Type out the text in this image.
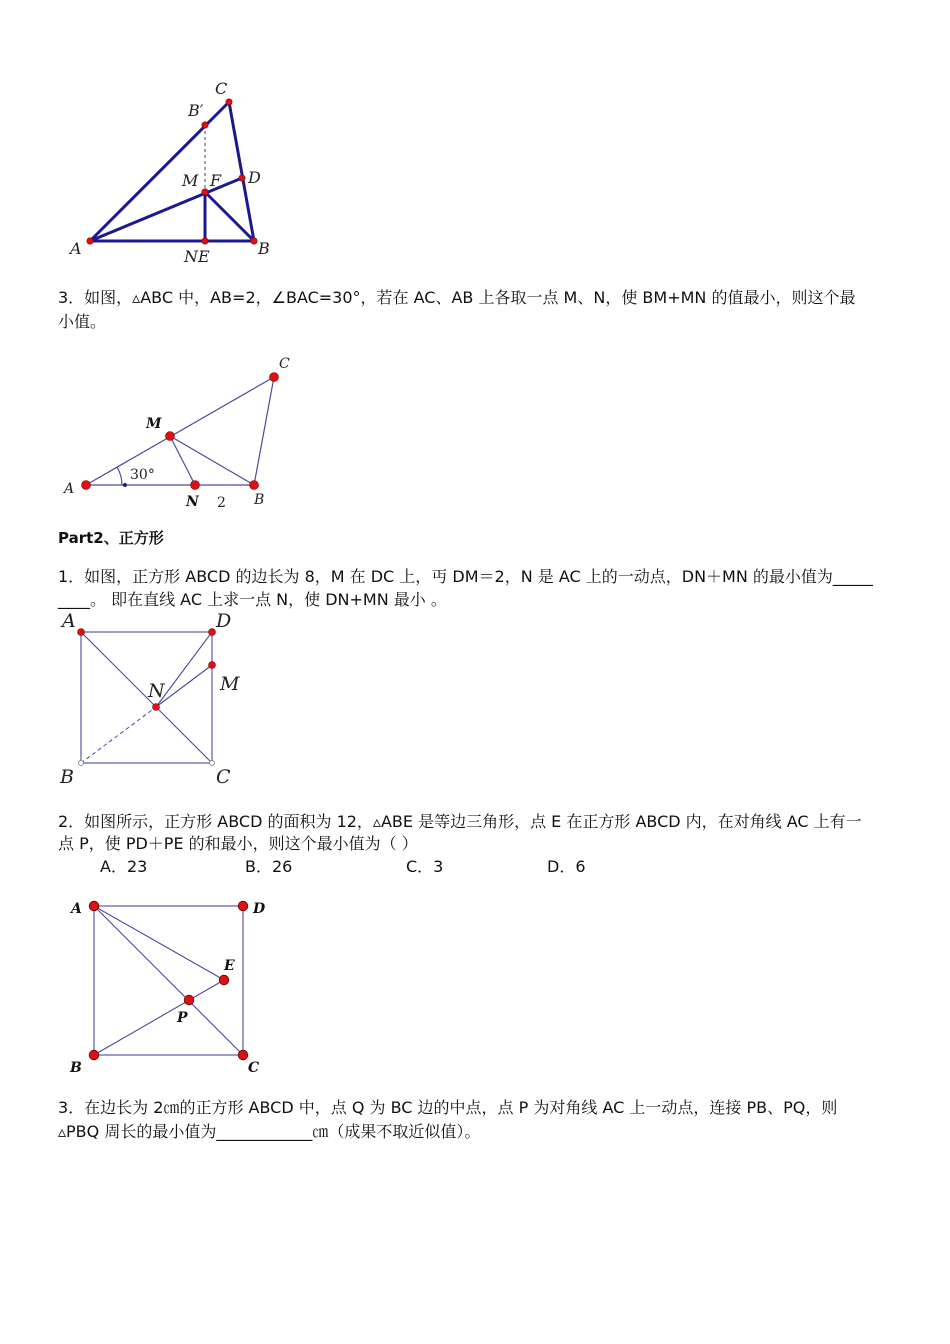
C
B′
M F D
A	NE	B
3．如图，▵ABC 中，AB=2，∠BAC=30°，若在 AC、AB 上各取一点 M、N，使 BM+MN 的值最小，则这个最
小值。
C
M
A
30°
N 2 B
Part2、正方形
1．如图，正方形 ABCD 的边长为 8，M 在 DC 上，丏 DM＝2，N 是 AC 上的一动点，DN＋MN 的最小值为_____
____。 即在直线 AC 上求一点 N，使 DN+MN 最小 。
A	D
M
N
B	C
2．如图所示，正方形 ABCD 的面积为 12，▵ABE 是等边三角形，点 E 在正方形 ABCD 内，在对角线 AC 上有一
点 P，使 PD＋PE 的和最小，则这个最小值为（ ）
A．23	B．26	C．3	D．6
A	D
E
P
B	C
3．在边长为 2㎝的正方形 ABCD 中，点 Q 为 BC 边的中点，点 P 为对角线 AC 上一动点，连接 PB、PQ，则
▵PBQ 周长的最小值为____________㎝（成果不取近似值）。
